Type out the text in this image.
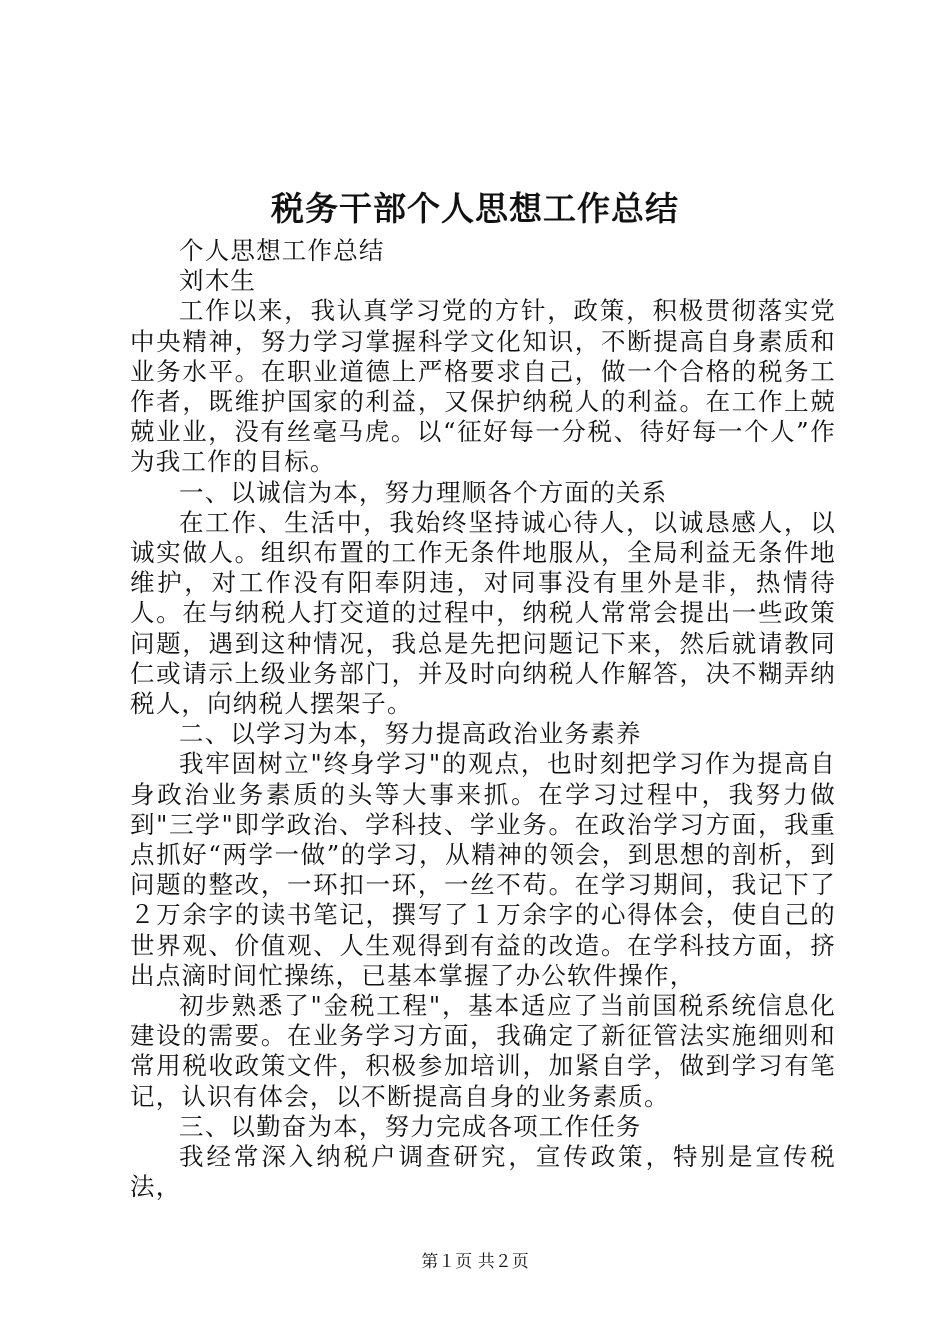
税务干部个人思想工作总结

个人思想工作总结

刘木生

工作以来，我认真学习党的方针，政策，积极贯彻落实党中央精神，努力学习掌握科学文化知识，不断提高自身素质和业务水平。在职业道德上严格要求自己，做一个合格的税务工作者，既维护国家的利益，又保护纳税人的利益。在工作上兢兢业业，没有丝毫马虎。以“征好每一分税、待好每一个人”作为我工作的目标。

一、以诚信为本，努力理顺各个方面的关系

在工作、生活中，我始终坚持诚心待人，以诚恳感人，以诚实做人。组织布置的工作无条件地服从，全局利益无条件地维护，对工作没有阳奉阴违，对同事没有里外是非，热情待人。在与纳税人打交道的过程中，纳税人常常会提出一些政策问题，遇到这种情况，我总是先把问题记下来，然后就请教同仁或请示上级业务部门，并及时向纳税人作解答，决不糊弄纳税人，向纳税人摆架子。

二、以学习为本，努力提高政治业务素养

我牢固树立"终身学习"的观点，也时刻把学习作为提高自身政治业务素质的头等大事来抓。在学习过程中，我努力做到"三学"即学政治、学科技、学业务。在政治学习方面，我重点抓好“两学一做”的学习，从精神的领会，到思想的剖析，到问题的整改，一环扣一环，一丝不苟。在学习期间，我记下了２万余字的读书笔记，撰写了１万余字的心得体会，使自己的世界观、价值观、人生观得到有益的改造。在学科技方面，挤出点滴时间忙操练，已基本掌握了办公软件操作，

初步熟悉了"金税工程"，基本适应了当前国税系统信息化建设的需要。在业务学习方面，我确定了新征管法实施细则和常用税收政策文件，积极参加培训，加紧自学，做到学习有笔记，认识有体会，以不断提高自身的业务素质。

三、以勤奋为本，努力完成各项工作任务

我经常深入纳税户调查研究，宣传政策，特别是宣传税法，

第１页 共２页
